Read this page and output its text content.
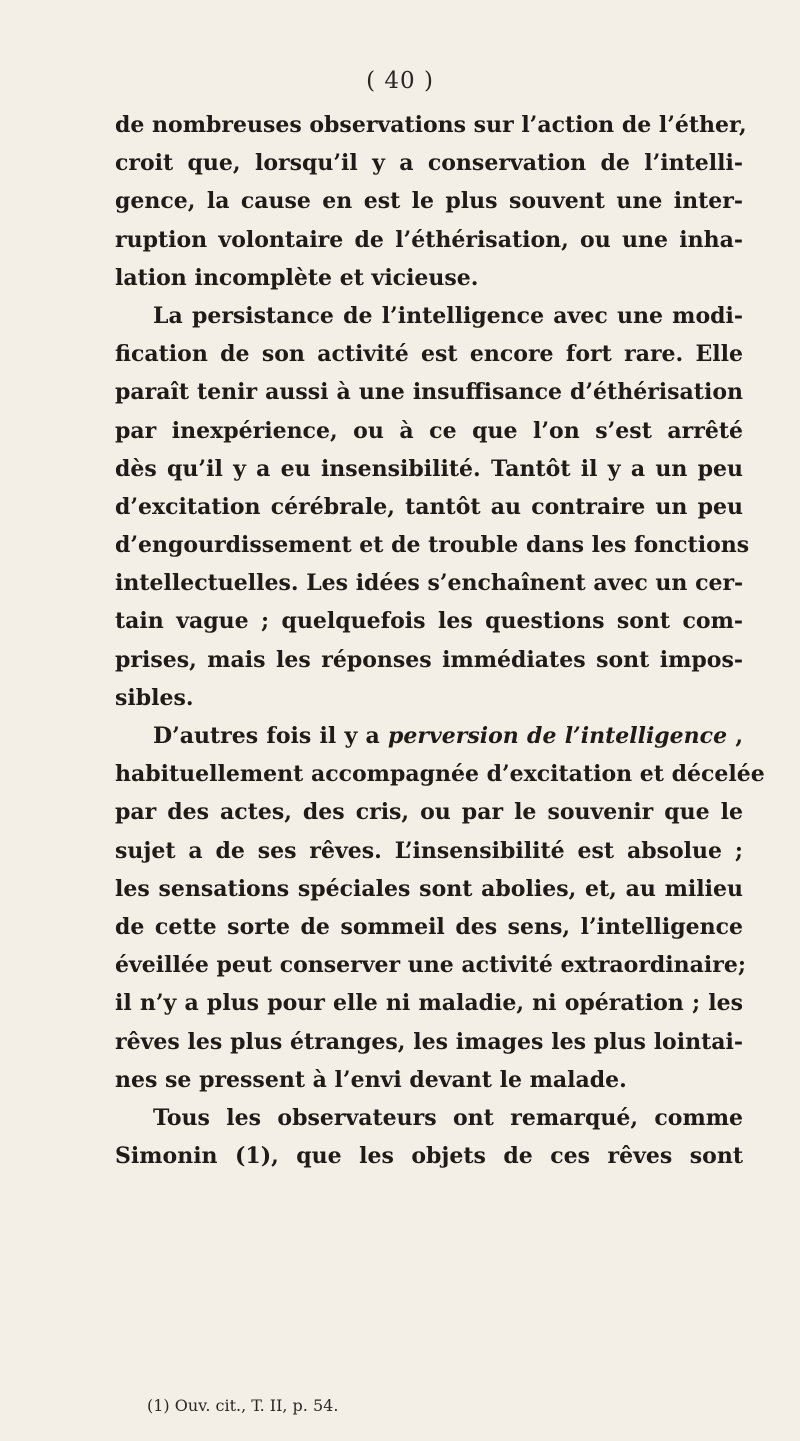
( 40 )
de nombreuses observations sur l’action de l’éther,
croit que, lorsqu’il y a conservation de l’intelli-
gence, la cause en est le plus souvent une inter-
ruption volontaire de l’éthérisation, ou une inha-
lation incomplète et vicieuse.
La persistance de l’intelligence avec une modi-
fication de son activité est encore fort rare. Elle
paraît tenir aussi à une insuffisance d’éthérisation
par inexpérience, ou à ce que l’on s’est arrêté
dès qu’il y a eu insensibilité. Tantôt il y a un peu
d’excitation cérébrale, tantôt au contraire un peu
d’engourdissement et de trouble dans les fonctions
intellectuelles. Les idées s’enchaînent avec un cer-
tain vague ; quelquefois les questions sont com-
prises, mais les réponses immédiates sont impos-
sibles.
D’autres fois il y a perversion de l’intelligence ,
habituellement accompagnée d’excitation et décelée
par des actes, des cris, ou par le souvenir que le
sujet a de ses rêves. L’insensibilité est absolue ;
les sensations spéciales sont abolies, et, au milieu
de cette sorte de sommeil des sens, l’intelligence
éveillée peut conserver une activité extraordinaire;
il n’y a plus pour elle ni maladie, ni opération ; les
rêves les plus étranges, les images les plus lointai-
nes se pressent à l’envi devant le malade.
Tous les observateurs ont remarqué, comme
Simonin (1), que les objets de ces rêves sont
(1) Ouv. cit., T. II, p. 54.
